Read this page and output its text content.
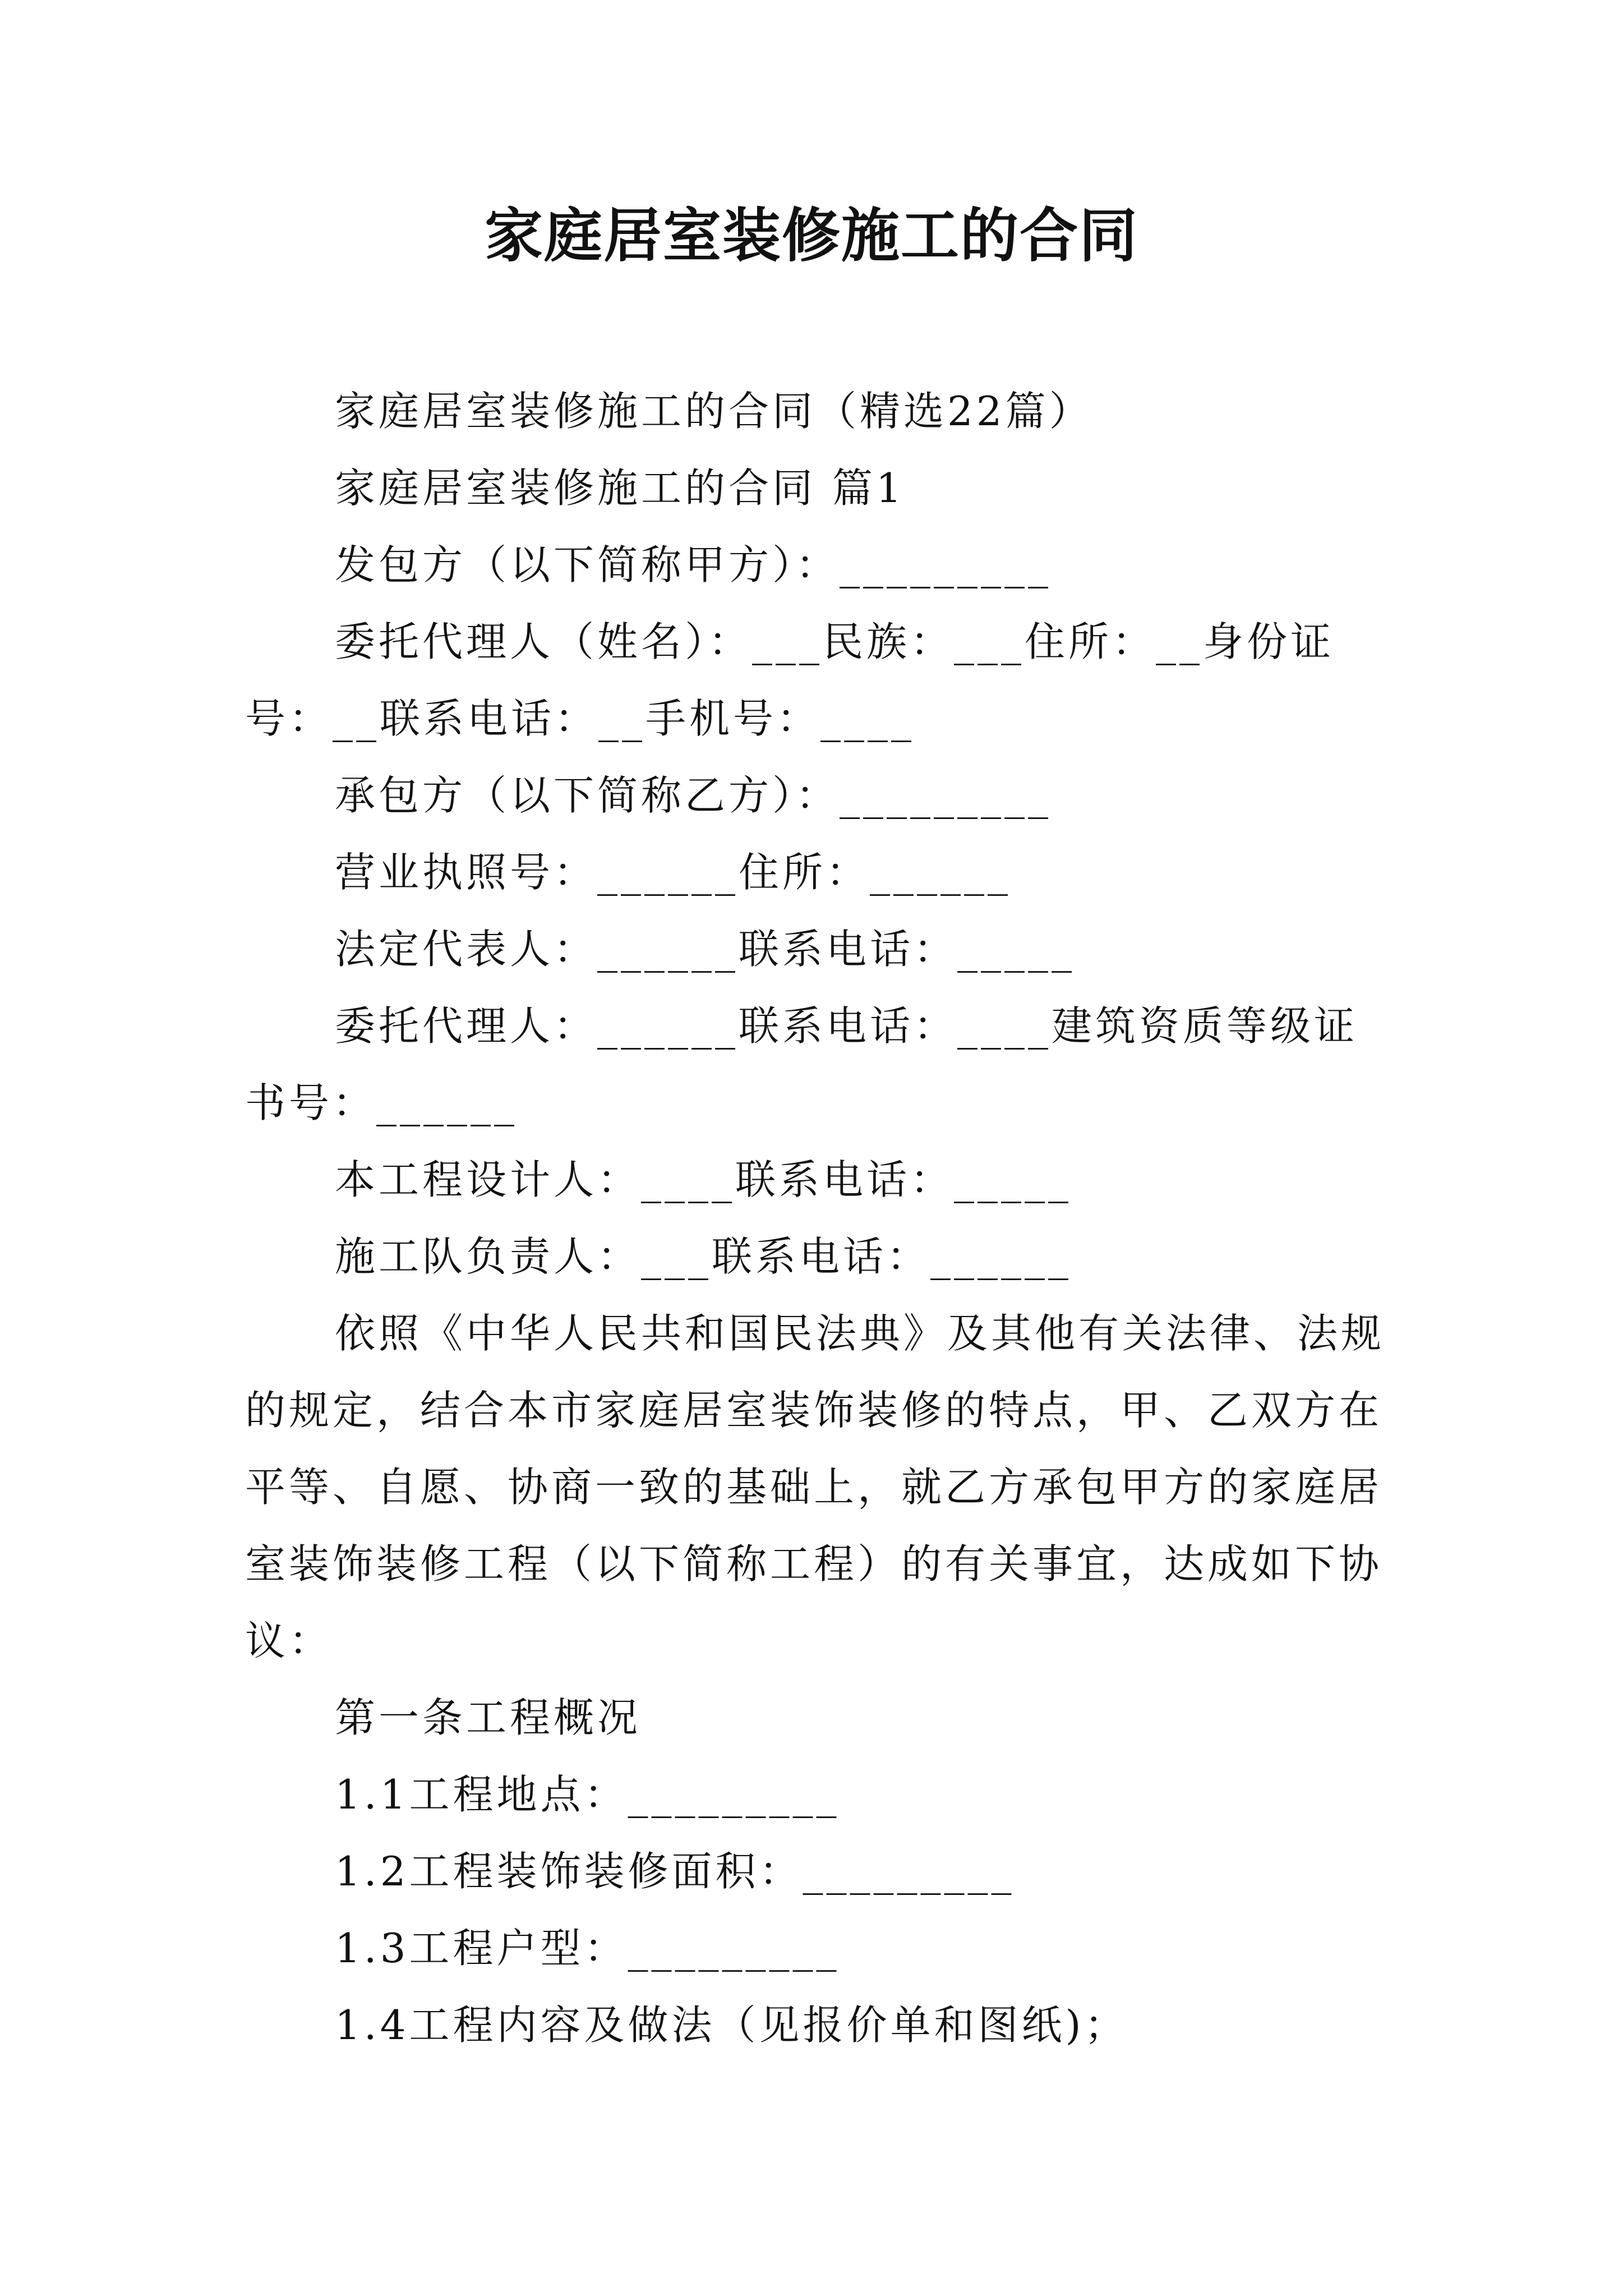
家庭居室装修施工的合同

家庭居室装修施工的合同（精选22篇）

家庭居室装修施工的合同 篇1

发包方（以下简称甲方）：_________

委托代理人（姓名）：___民族：___住所：__身份证号：__联系电话：__手机号：____

承包方（以下简称乙方）：_________

营业执照号：______住所：______

法定代表人：______联系电话：_____

委托代理人：______联系电话：____建筑资质等级证书号：______

本工程设计人：____联系电话：_____

施工队负责人：___联系电话：______

依照《中华人民共和国民法典》及其他有关法律、法规的规定，结合本市家庭居室装饰装修的特点，甲、乙双方在平等、自愿、协商一致的基础上，就乙方承包甲方的家庭居室装饰装修工程（以下简称工程）的有关事宜，达成如下协议：

第一条工程概况

1.1工程地点：_________

1.2工程装饰装修面积：_________

1.3工程户型：_________

1.4工程内容及做法（见报价单和图纸)；
